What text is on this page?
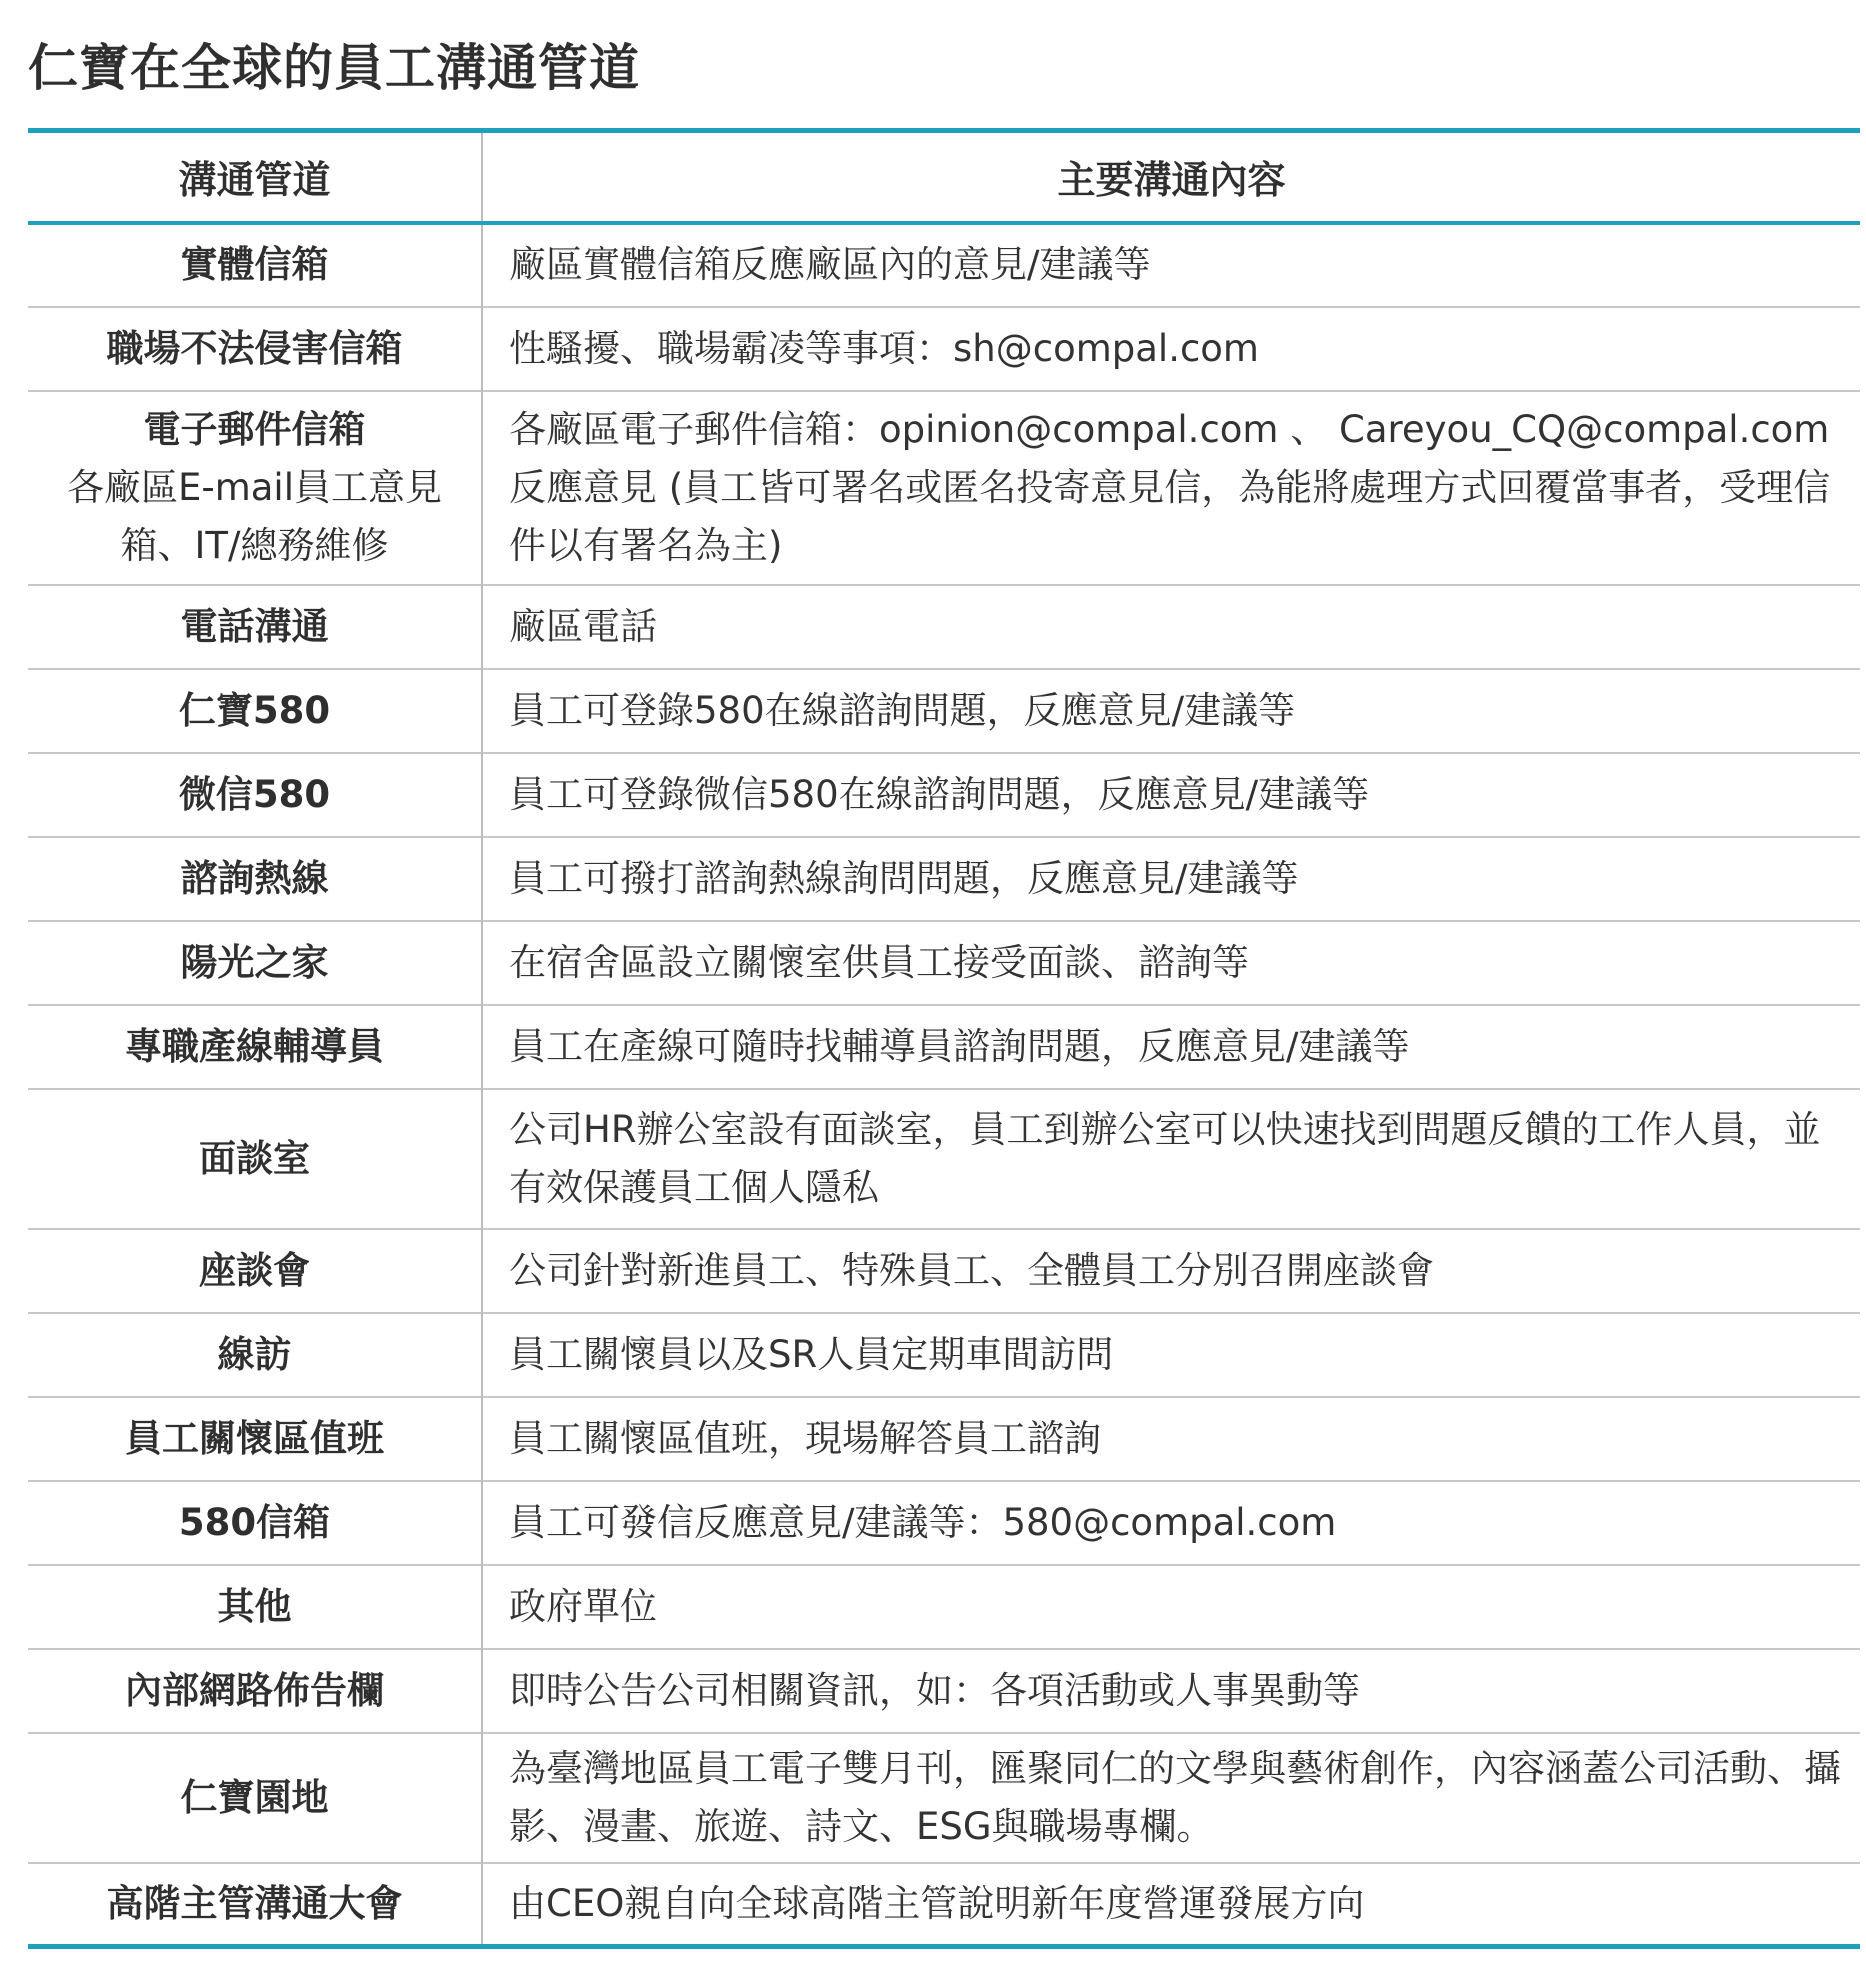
仁寶在全球的員工溝通管道
溝通管道	主要溝通內容

實體信箱	廠區實體信箱反應廠區內的意見/建議等

職場不法侵害信箱	性騷擾、職場霸凌等事項：sh@compal.com

電子郵件信箱
各廠區E-mail員工意見箱、IT/總務維修	各廠區電子郵件信箱：opinion@compal.com 、 Careyou_CQ@compal.com 反應意見 (員工皆可署名或匿名投寄意見信，為能將處理方式回覆當事者，受理信件以有署名為主)

電話溝通	廠區電話

仁寶580	員工可登錄580在線諮詢問題，反應意見/建議等

微信580	員工可登錄微信580在線諮詢問題，反應意見/建議等

諮詢熱線	員工可撥打諮詢熱線詢問問題，反應意見/建議等

陽光之家	在宿舍區設立關懷室供員工接受面談、諮詢等

專職產線輔導員	員工在產線可隨時找輔導員諮詢問題，反應意見/建議等

面談室	公司HR辦公室設有面談室，員工到辦公室可以快速找到問題反饋的工作人員，並有效保護員工個人隱私

座談會	公司針對新進員工、特殊員工、全體員工分別召開座談會

線訪	員工關懷員以及SR人員定期車間訪問

員工關懷區值班	員工關懷區值班，現場解答員工諮詢

580信箱	員工可發信反應意見/建議等：580@compal.com

其他	政府單位

內部網路佈告欄	即時公告公司相關資訊，如：各項活動或人事異動等

仁寶園地	為臺灣地區員工電子雙月刊，匯聚同仁的文學與藝術創作，內容涵蓋公司活動、攝影、漫畫、旅遊、詩文、ESG與職場專欄。

高階主管溝通大會	由CEO親自向全球高階主管說明新年度營運發展方向
